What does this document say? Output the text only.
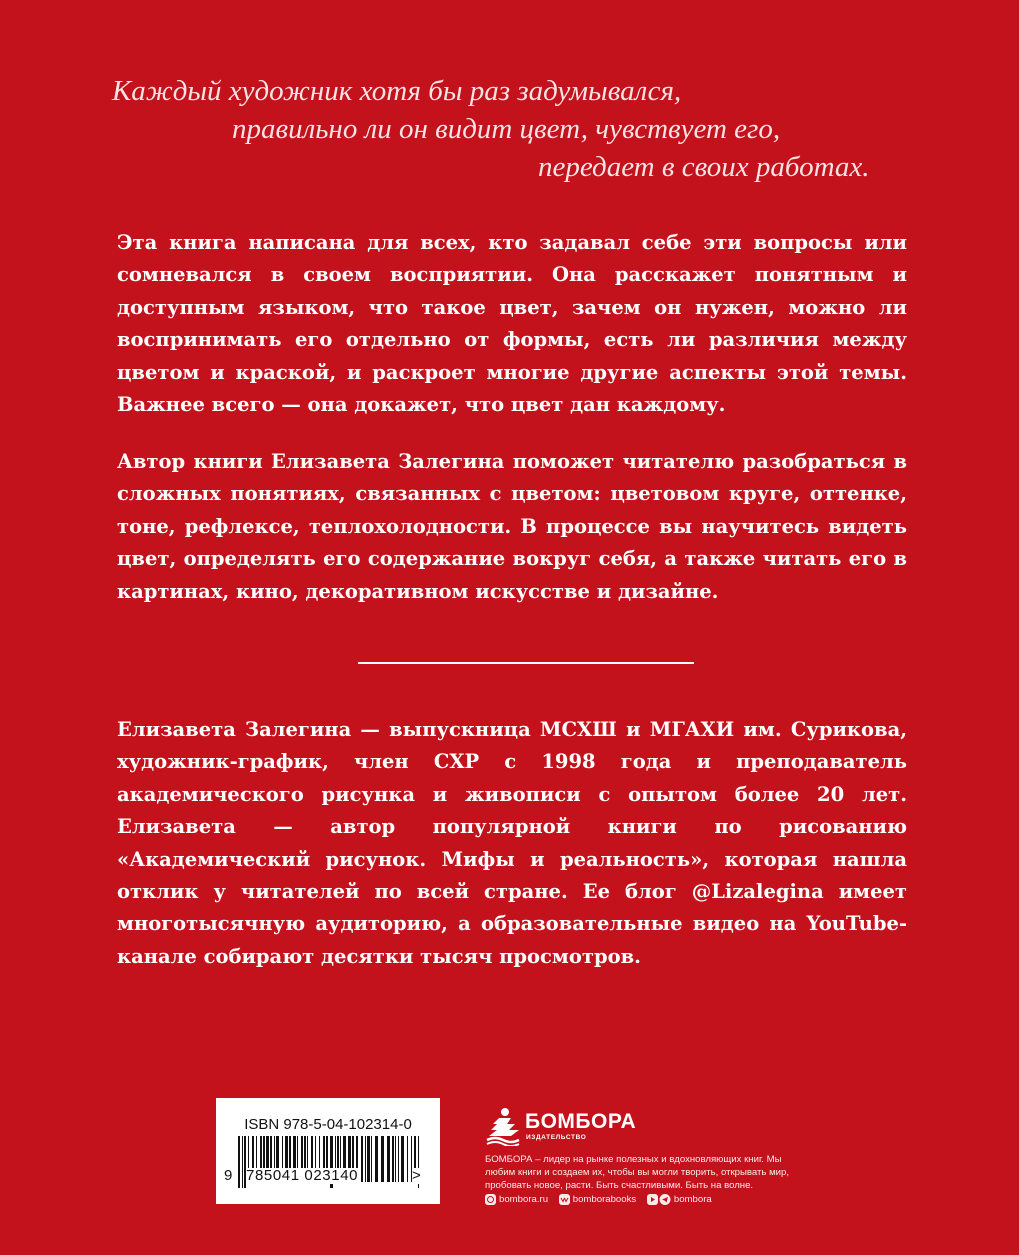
Каждый художник хотя бы раз задумывался,
правильно ли он видит цвет, чувствует его,
передает в своих работах.

Эта книга написана для всех, кто задавал себе эти вопросы или сомневался в своем восприятии. Она расскажет понятным и доступным языком, что такое цвет, зачем он нужен, можно ли воспринимать его отдельно от формы, есть ли различия между цветом и краской, и раскроет многие другие аспекты этой темы. Важнее всего — она докажет, что цвет дан каждому.

Автор книги Елизавета Залегина поможет читателю разобраться в сложных понятиях, связанных с цветом: цветовом круге, оттенке, тоне, рефлексе, теплохолодности. В процессе вы научитесь видеть цвет, определять его содержание вокруг себя, а также читать его в картинах, кино, декоративном искусстве и дизайне.

Елизавета Залегина — выпускница МСХШ и МГАХИ им. Сурикова, художник-график, член СХР с 1998 года и преподаватель академического рисунка и живописи с опытом более 20 лет. Елизавета — автор популярной книги по рисованию «Академический рисунок. Мифы и реальность», которая нашла отклик у читателей по всей стране. Ее блог @Lizalegina имеет многотысячную аудиторию, а образовательные видео на YouTube-канале собирают десятки тысяч просмотров.

ISBN 978-5-04-102314-0
9 785041 023140	>
БОМБОРА
ИЗДАТЕЛЬСТВО
БОМБОРА – лидер на рынке полезных и вдохновляющих книг. Мы любим книги и создаем их, чтобы вы могли творить, открывать мир, пробовать новое, расти. Быть счастливыми. Быть на волне.
bombora.ru
	bomborabooks
	bombora
